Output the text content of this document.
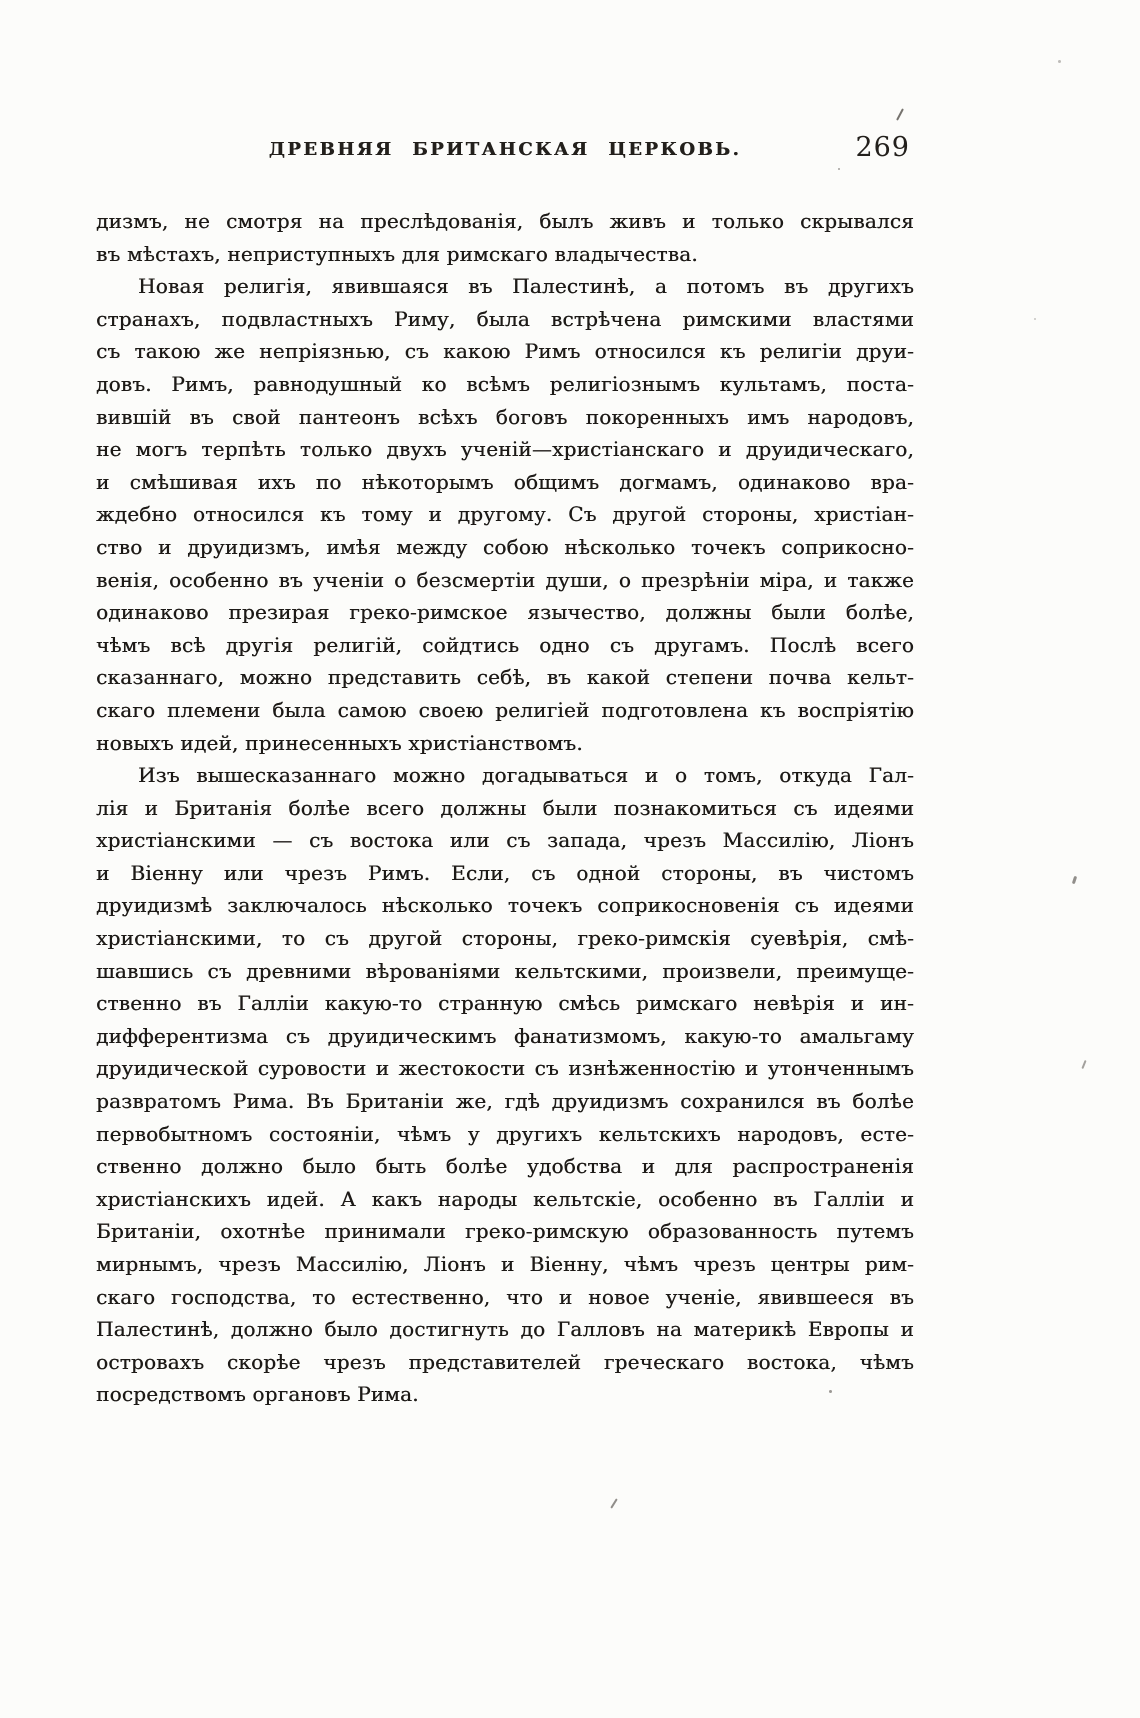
ДРЕВНЯЯ БРИТАНСКАЯ ЦЕРКОВЬ.	269
дизмъ, не смотря на преслѣдованія, былъ живъ и только скрывался
въ мѣстахъ, неприступныхъ для римскаго владычества.
Новая религія, явившаяся въ Палестинѣ, а потомъ въ другихъ
странахъ, подвластныхъ Риму, была встрѣчена римскими властями
съ такою же непріязнью, съ какою Римъ относился къ религіи друи-
довъ. Римъ, равнодушный ко всѣмъ религіознымъ культамъ, поста-
вившій въ свой пантеонъ всѣхъ боговъ покоренныхъ имъ народовъ,
не могъ терпѣть только двухъ ученій—христіанскаго и друидическаго,
и смѣшивая ихъ по нѣкоторымъ общимъ догмамъ, одинаково вра-
ждебно относился къ тому и другому. Съ другой стороны, христіан-
ство и друидизмъ, имѣя между собою нѣсколько точекъ соприкосно-
венія, особенно въ ученіи о безсмертіи души, о презрѣніи міра, и также
одинаково презирая греко-римское язычество, должны были болѣе,
чѣмъ всѣ другія религій, сойдтись одно съ другамъ. Послѣ всего
сказаннаго, можно представить себѣ, въ какой степени почва кельт-
скаго племени была самою своею религіей подготовлена къ воспріятію
новыхъ идей, принесенныхъ христіанствомъ.
Изъ вышесказаннаго можно догадываться и о томъ, откуда Гал-
лія и Британія болѣе всего должны были познакомиться съ идеями
христіанскими — съ востока или съ запада, чрезъ Массилію, Ліонъ
и Віенну или чрезъ Римъ. Если, съ одной стороны, въ чистомъ
друидизмѣ заключалось нѣсколько точекъ соприкосновенія съ идеями
христіанскими, то съ другой стороны, греко-римскія суевѣрія, смѣ-
шавшись съ древними вѣрованіями кельтскими, произвели, преимуще-
ственно въ Галліи какую-то странную смѣсь римскаго невѣрія и ин-
дифферентизма съ друидическимъ фанатизмомъ, какую-то амальгаму
друидической суровости и жестокости съ изнѣженностію и утонченнымъ
развратомъ Рима. Въ Британіи же, гдѣ друидизмъ сохранился въ болѣе
первобытномъ состояніи, чѣмъ у другихъ кельтскихъ народовъ, есте-
ственно должно было быть болѣе удобства и для распространенія
христіанскихъ идей. А какъ народы кельтскіе, особенно въ Галліи и
Британіи, охотнѣе принимали греко-римскую образованность путемъ
мирнымъ, чрезъ Массилію, Ліонъ и Віенну, чѣмъ чрезъ центры рим-
скаго господства, то естественно, что и новое ученіе, явившееся въ
Палестинѣ, должно было достигнуть до Галловъ на материкѣ Европы и
островахъ скорѣе чрезъ представителей греческаго востока, чѣмъ
посредствомъ органовъ Рима.
